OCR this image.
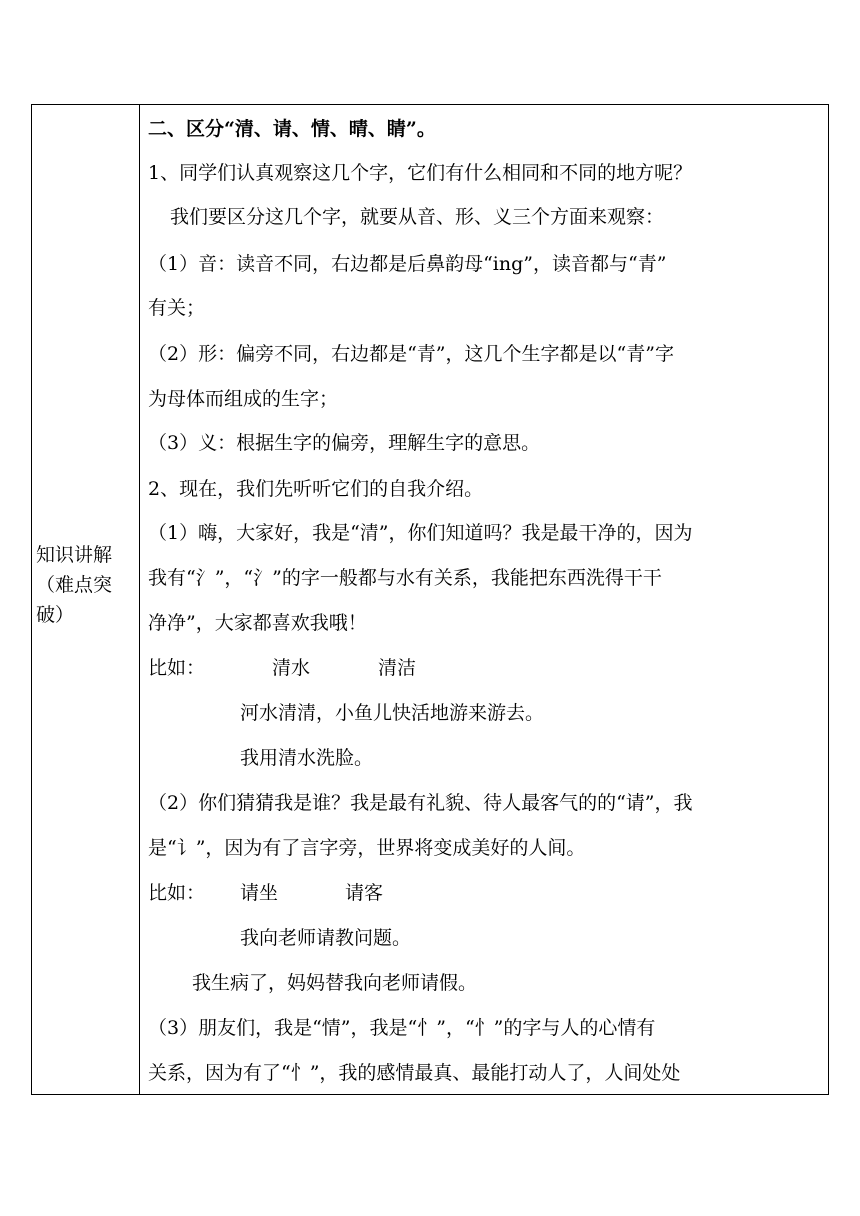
知识讲解
（难点突
破）
二、区分“清、请、情、晴、睛”。
1、同学们认真观察这几个字，它们有什么相同和不同的地方呢？
我们要区分这几个字，就要从音、形、义三个方面来观察：
（1）音：读音不同，右边都是后鼻韵母“ing”，读音都与“青”
有关；
（2）形：偏旁不同，右边都是“青”，这几个生字都是以“青”字
为母体而组成的生字；
（3）义：根据生字的偏旁，理解生字的意思。
2、现在，我们先听听它们的自我介绍。
（1）嗨，大家好，我是“清”，你们知道吗？我是最干净的，因为
我有“氵”，“氵”的字一般都与水有关系，我能把东西洗得干干
净净”，大家都喜欢我哦！
比如：	清水	清洁
河水清清，小鱼儿快活地游来游去。
我用清水洗脸。
（2）你们猜猜我是谁？我是最有礼貌、待人最客气的的“请”，我
是“讠”，因为有了言字旁，世界将变成美好的人间。
比如： 请坐	请客
我向老师请教问题。
我生病了，妈妈替我向老师请假。
（3）朋友们，我是“情”，我是“忄”，“忄”的字与人的心情有
关系，因为有了“忄”，我的感情最真、最能打动人了，人间处处
